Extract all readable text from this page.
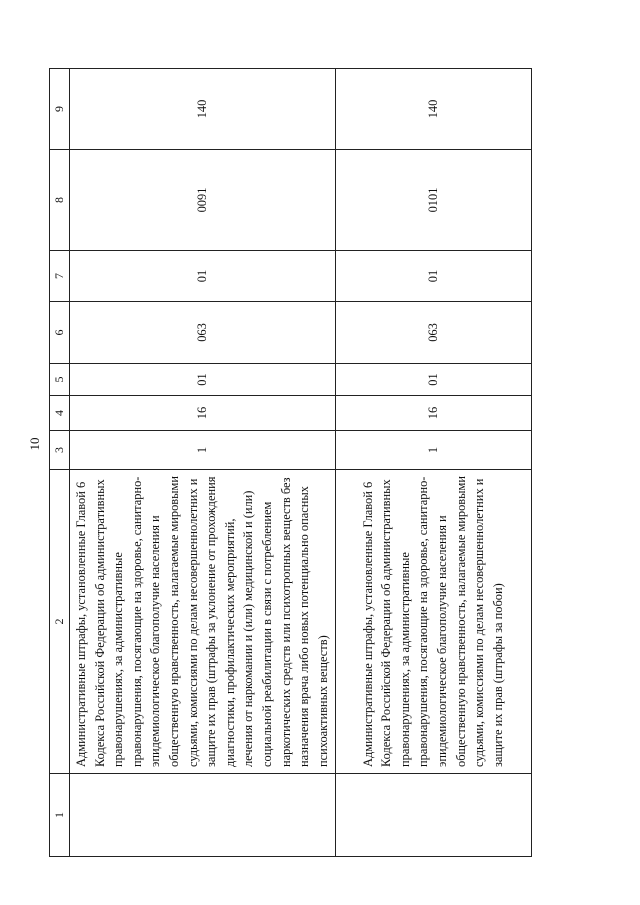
10
1	2	3	4	5	6	7	8	9
	Административные штрафы, установленные Главой 6 Кодекса Российской Федерации об административных правонарушениях, за административные правонарушения, посягающие на здоровье, санитарно-эпидемиологическое благополучие населения и общественную нравственность, налагаемые мировыми судьями, комиссиями по делам несовершеннолетних и защите их прав (штрафы за уклонение от прохождения диагностики, профилактических мероприятий, лечения от наркомании и (или) медицинской и (или) социальной реабилитации в связи с потреблением наркотических средств или психотропных веществ без назначения врача либо новых потенциально опасных психоактивных веществ)	1	16	01	063	01	0091	140
	Административные штрафы, установленные Главой 6 Кодекса Российской Федерации об административных правонарушениях, за административные правонарушения, посягающие на здоровье, санитарно-эпидемиологическое благополучие населения и общественную нравственность, налагаемые мировыми судьями, комиссиями по делам несовершеннолетних и защите их прав (штрафы за побои)	1	16	01	063	01	0101	140
